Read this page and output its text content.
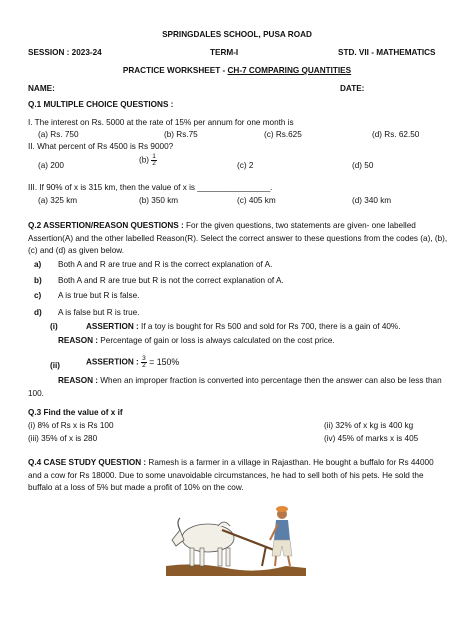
SPRINGDALES SCHOOL, PUSA ROAD
SESSION : 2023-24	TERM-I	STD. VII - MATHEMATICS
PRACTICE WORKSHEET - CH-7 COMPARING QUANTITIES
NAME:	DATE:
Q.1 MULTIPLE CHOICE QUESTIONS :
I. The interest on Rs. 5000 at the rate of 15% per annum for one month is
(a) Rs. 750	(b) Rs.75	(c) Rs.625	(d) Rs. 62.50
II. What percent of Rs 4500 is Rs 9000?
(a) 200
$(b) \frac{1}{2}$	(c) 2	(d) 50
III. If 90% of x is 315 km, then the value of x is ________________.
(a) 325 km	(b) 350 km	(c) 405 km	(d) 340 km
Q.2 ASSERTION/REASON QUESTIONS : For the given questions, two statements are given- one labelled Assertion(A) and the other labelled Reason(R). Select the correct answer to these questions from the codes (a), (b), (c) and (d) as given below.
a) Both A and R are true and R is the correct explanation of A.
b) Both A and R are true but R is not the correct explanation of A.
c) A is true but R is false.
d) A is false but R is true.
(i)	ASSERTION : If a toy is bought for Rs 500 and sold for Rs 700, there is a gain of 40%.
REASON : Percentage of gain or loss is always calculated on the cost price.
(ii)	ASSERTION : $\frac{3}{2} = 150\%$
REASON : When an improper fraction is converted into percentage then the answer can also be less than 100.
Q.3 Find the value of x if
(i) 8% of Rs x is Rs 100	(ii) 32% of x kg is 400 kg
(iii) 35% of x is 280	(iv) 45% of marks x is 405
Q.4 CASE STUDY QUESTION : Ramesh is a farmer in a village in Rajasthan. He bought a buffalo for Rs 44000 and a cow for Rs 18000. Due to some unavoidable circumstances, he had to sell both of his pets. He sold the buffalo at a loss of 5% but made a profit of 10% on the cow.
